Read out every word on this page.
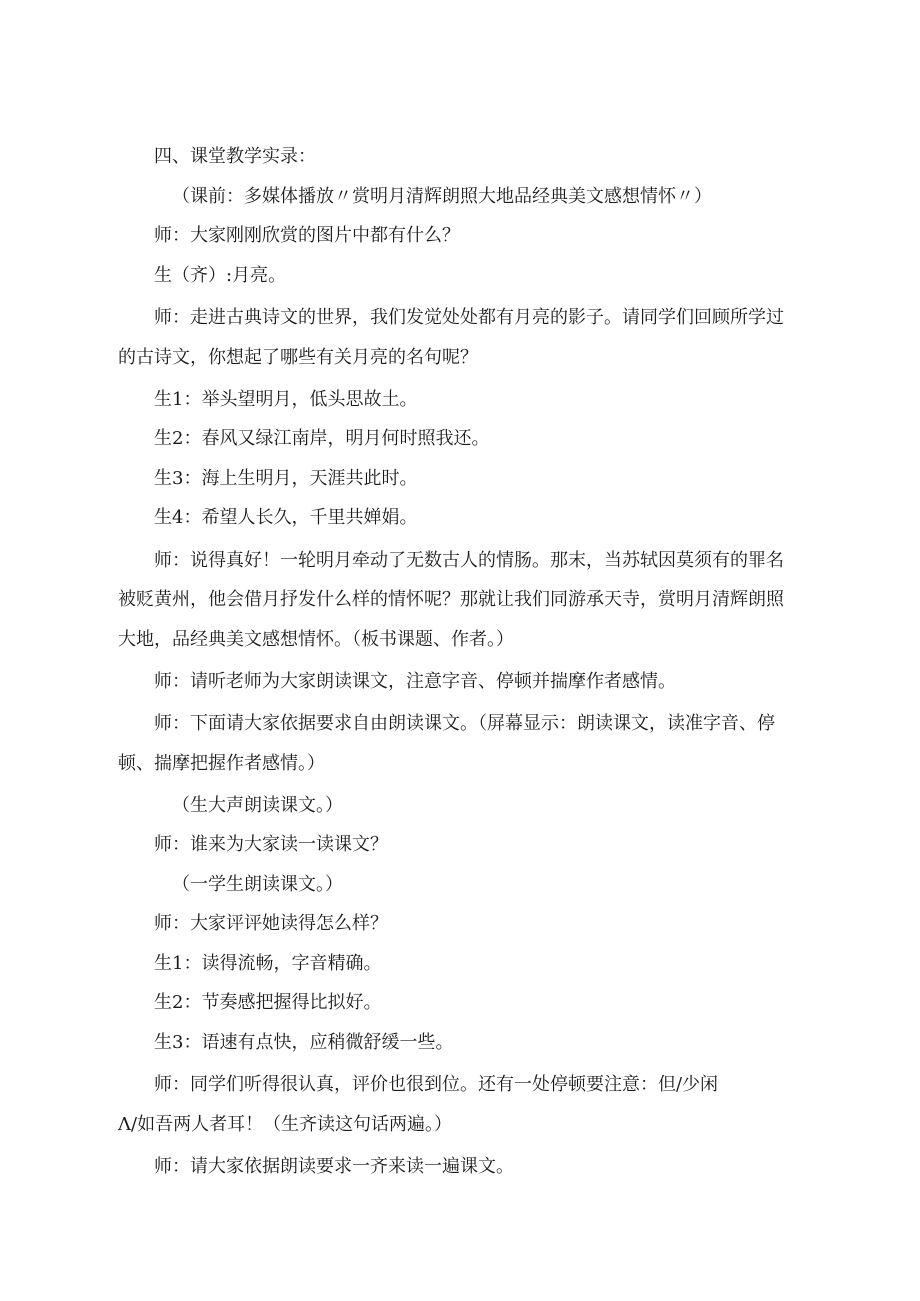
四、课堂教学实录：

（课前：多媒体播放〃赏明月清辉朗照大地品经典美文感想情怀〃）

师：大家刚刚欣赏的图片中都有什么？

生（齐）:月亮。

师：走进古典诗文的世界，我们发觉处处都有月亮的影子。请同学们回顾所学过
的古诗文，你想起了哪些有关月亮的名句呢？

生1：举头望明月，低头思故土。

生2：春风又绿江南岸，明月何时照我还。

生3：海上生明月，天涯共此时。

生4：希望人长久，千里共婵娟。

师：说得真好！一轮明月牵动了无数古人的情肠。那末，当苏轼因莫须有的罪名
被贬黄州，他会借月抒发什么样的情怀呢？那就让我们同游承天寺，赏明月清辉朗照
大地，品经典美文感想情怀。（板书课题、作者。）

师：请听老师为大家朗读课文，注意字音、停顿并揣摩作者感情。

师：下面请大家依据要求自由朗读课文。（屏幕显示：朗读课文，读准字音、停
顿、揣摩把握作者感情。）

（生大声朗读课文。）

师：谁来为大家读一读课文？

（一学生朗读课文。）

师：大家评评她读得怎么样？

生1：读得流畅，字音精确。

生2：节奏感把握得比拟好。

生3：语速有点快，应稍微舒缓一些。

师：同学们听得很认真，评价也很到位。还有一处停顿要注意：但/少闲
Λ/如吾两人者耳！（生齐读这句话两遍。）

师：请大家依据朗读要求一齐来读一遍课文。
